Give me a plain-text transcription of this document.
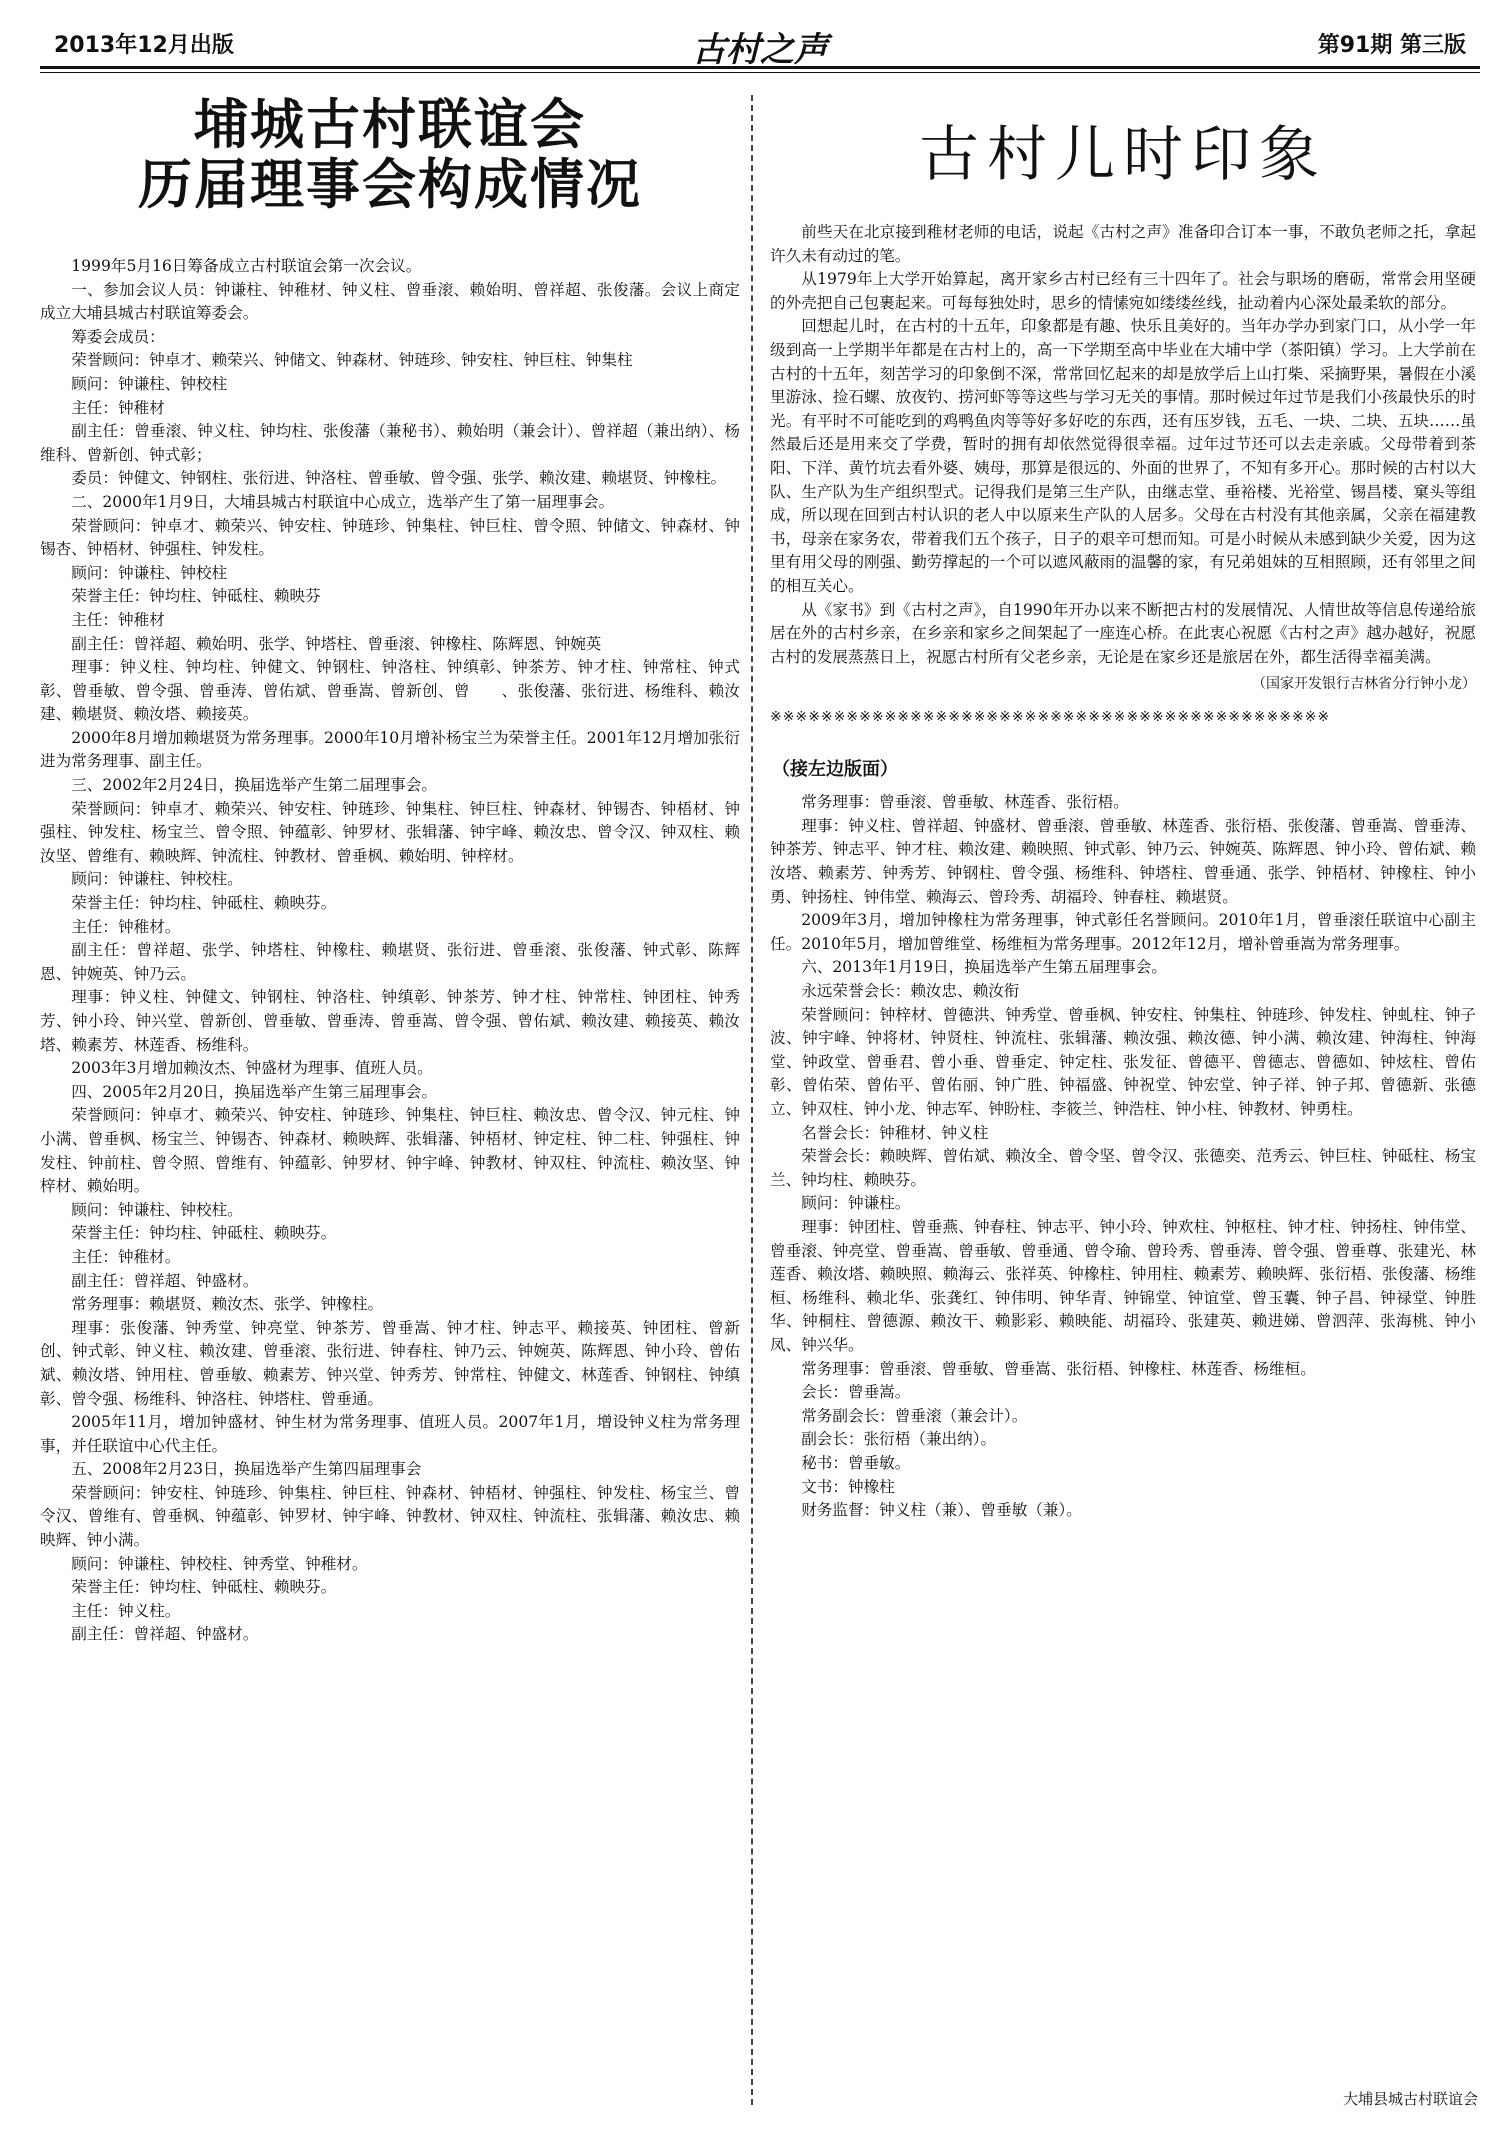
2013年12月出版	古村之声	第91期 第三版
埔城古村联谊会
历届理事会构成情况

1999年5月16日筹备成立古村联谊会第一次会议。

一、参加会议人员：钟谦柱、钟稚材、钟义柱、曾垂滚、赖始明、曾祥超、张俊藩。会议上商定成立大埔县城古村联谊筹委会。

筹委会成员：

荣誉顾问：钟卓才、赖荣兴、钟储文、钟森材、钟琏珍、钟安柱、钟巨柱、钟集柱

顾问：钟谦柱、钟校柱

主任：钟稚材

副主任：曾垂滚、钟义柱、钟均柱、张俊藩（兼秘书）、赖始明（兼会计）、曾祥超（兼出纳）、杨维科、曾新创、钟式彰；

委员：钟健文、钟钢柱、张衍进、钟洛柱、曾垂敏、曾令强、张学、赖汝建、赖堪贤、钟橡柱。

二、2000年1月9日，大埔县城古村联谊中心成立，选举产生了第一届理事会。

荣誉顾问：钟卓才、赖荣兴、钟安柱、钟琏珍、钟集柱、钟巨柱、曾令照、钟储文、钟森材、钟锡杏、钟梧材、钟强柱、钟发柱。

顾问：钟谦柱、钟校柱

荣誉主任：钟均柱、钟砥柱、赖映芬

主任：钟稚材

副主任：曾祥超、赖始明、张学、钟塔柱、曾垂滚、钟橡柱、陈辉恩、钟婉英

理事：钟义柱、钟均柱、钟健文、钟钢柱、钟洛柱、钟缜彰、钟茶芳、钟才柱、钟常柱、钟式彰、曾垂敏、曾令强、曾垂涛、曾佑斌、曾垂嵩、曾新创、曾　　、张俊藩、张衍进、杨维科、赖汝建、赖堪贤、赖汝塔、赖接英。

2000年8月增加赖堪贤为常务理事。2000年10月增补杨宝兰为荣誉主任。2001年12月增加张衍进为常务理事、副主任。

三、2002年2月24日，换届选举产生第二届理事会。

荣誉顾问：钟卓才、赖荣兴、钟安柱、钟琏珍、钟集柱、钟巨柱、钟森材、钟锡杏、钟梧材、钟强柱、钟发柱、杨宝兰、曾令照、钟蕴彰、钟罗材、张辑藩、钟宇峰、赖汝忠、曾令汉、钟双柱、赖汝坚、曾维有、赖映辉、钟流柱、钟教材、曾垂枫、赖始明、钟梓材。

顾问：钟谦柱、钟校柱。

荣誉主任：钟均柱、钟砥柱、赖映芬。

主任：钟稚材。

副主任：曾祥超、张学、钟塔柱、钟橡柱、赖堪贤、张衍进、曾垂滚、张俊藩、钟式彰、陈辉恩、钟婉英、钟乃云。

理事：钟义柱、钟健文、钟钢柱、钟洛柱、钟缜彰、钟茶芳、钟才柱、钟常柱、钟团柱、钟秀芳、钟小玲、钟兴堂、曾新创、曾垂敏、曾垂涛、曾垂嵩、曾令强、曾佑斌、赖汝建、赖接英、赖汝塔、赖素芳、林莲香、杨维科。

2003年3月增加赖汝杰、钟盛材为理事、值班人员。

四、2005年2月20日，换届选举产生第三届理事会。

荣誉顾问：钟卓才、赖荣兴、钟安柱、钟琏珍、钟集柱、钟巨柱、赖汝忠、曾令汉、钟元柱、钟小满、曾垂枫、杨宝兰、钟锡杏、钟森材、赖映辉、张辑藩、钟梧材、钟定柱、钟二柱、钟强柱、钟发柱、钟前柱、曾令照、曾维有、钟蕴彰、钟罗材、钟宇峰、钟教材、钟双柱、钟流柱、赖汝坚、钟梓材、赖始明。

顾问：钟谦柱、钟校柱。

荣誉主任：钟均柱、钟砥柱、赖映芬。

主任：钟稚材。

副主任：曾祥超、钟盛材。

常务理事：赖堪贤、赖汝杰、张学、钟橡柱。

理事：张俊藩、钟秀堂、钟亮堂、钟茶芳、曾垂嵩、钟才柱、钟志平、赖接英、钟团柱、曾新创、钟式彰、钟义柱、赖汝建、曾垂滚、张衍进、钟春柱、钟乃云、钟婉英、陈辉恩、钟小玲、曾佑斌、赖汝塔、钟用柱、曾垂敏、赖素芳、钟兴堂、钟秀芳、钟常柱、钟健文、林莲香、钟钢柱、钟缜彰、曾令强、杨维科、钟洛柱、钟塔柱、曾垂通。

2005年11月，增加钟盛材、钟生材为常务理事、值班人员。2007年1月，增设钟义柱为常务理事，并任联谊中心代主任。

五、2008年2月23日，换届选举产生第四届理事会

荣誉顾问：钟安柱、钟琏珍、钟集柱、钟巨柱、钟森材、钟梧材、钟强柱、钟发柱、杨宝兰、曾令汉、曾维有、曾垂枫、钟蕴彰、钟罗材、钟宇峰、钟教材、钟双柱、钟流柱、张辑藩、赖汝忠、赖映辉、钟小满。

顾问：钟谦柱、钟校柱、钟秀堂、钟稚材。

荣誉主任：钟均柱、钟砥柱、赖映芬。

主任：钟义柱。

副主任：曾祥超、钟盛材。

古村儿时印象

前些天在北京接到稚材老师的电话，说起《古村之声》准备印合订本一事，不敢负老师之托，拿起许久未有动过的笔。

从1979年上大学开始算起，离开家乡古村已经有三十四年了。社会与职场的磨砺，常常会用坚硬的外壳把自己包裹起来。可每每独处时，思乡的情愫宛如缕缕丝线，扯动着内心深处最柔软的部分。

回想起儿时，在古村的十五年，印象都是有趣、快乐且美好的。当年办学办到家门口，从小学一年级到高一上学期半年都是在古村上的，高一下学期至高中毕业在大埔中学（茶阳镇）学习。上大学前在古村的十五年，刻苦学习的印象倒不深，常常回忆起来的却是放学后上山打柴、采摘野果，暑假在小溪里游泳、捡石螺、放夜钓、捞河虾等等这些与学习无关的事情。那时候过年过节是我们小孩最快乐的时光。有平时不可能吃到的鸡鸭鱼肉等等好多好吃的东西，还有压岁钱，五毛、一块、二块、五块……虽然最后还是用来交了学费，暂时的拥有却依然觉得很幸福。过年过节还可以去走亲戚。父母带着到茶阳、下洋、黄竹坑去看外婆、姨母，那算是很远的、外面的世界了，不知有多开心。那时候的古村以大队、生产队为生产组织型式。记得我们是第三生产队，由继志堂、垂裕楼、光裕堂、锡昌楼、窠头等组成，所以现在回到古村认识的老人中以原来生产队的人居多。父母在古村没有其他亲属，父亲在福建教书，母亲在家务农，带着我们五个孩子，日子的艰辛可想而知。可是小时候从未感到缺少关爱，因为这里有用父母的刚强、勤劳撑起的一个可以遮风蔽雨的温馨的家，有兄弟姐妹的互相照顾，还有邻里之间的相互关心。

从《家书》到《古村之声》，自1990年开办以来不断把古村的发展情况、人情世故等信息传递给旅居在外的古村乡亲，在乡亲和家乡之间架起了一座连心桥。在此衷心祝愿《古村之声》越办越好，祝愿古村的发展蒸蒸日上，祝愿古村所有父老乡亲，无论是在家乡还是旅居在外，都生活得幸福美满。

（国家开发银行吉林省分行钟小龙）
※※※※※※※※※※※※※※※※※※※※※※※※※※※※※※※※※※※※※※※※※※※※
（接左边版面）

常务理事：曾垂滚、曾垂敏、林莲香、张衍梧。

理事：钟义柱、曾祥超、钟盛材、曾垂滚、曾垂敏、林莲香、张衍梧、张俊藩、曾垂嵩、曾垂涛、钟茶芳、钟志平、钟才柱、赖汝建、赖映照、钟式彰、钟乃云、钟婉英、陈辉恩、钟小玲、曾佑斌、赖汝塔、赖素芳、钟秀芳、钟钢柱、曾令强、杨维科、钟塔柱、曾垂通、张学、钟梧材、钟橡柱、钟小勇、钟扬柱、钟伟堂、赖海云、曾玲秀、胡福玲、钟春柱、赖堪贤。

2009年3月，增加钟橡柱为常务理事，钟式彰任名誉顾问。2010年1月，曾垂滚任联谊中心副主任。2010年5月，增加曾维堂、杨维桓为常务理事。2012年12月，增补曾垂嵩为常务理事。

六、2013年1月19日，换届选举产生第五届理事会。

永远荣誉会长：赖汝忠、赖汝衔

荣誉顾问：钟梓材、曾德洪、钟秀堂、曾垂枫、钟安柱、钟集柱、钟琏珍、钟发柱、钟虬柱、钟子波、钟宇峰、钟将材、钟贤柱、钟流柱、张辑藩、赖汝强、赖汝德、钟小满、赖汝建、钟海柱、钟海堂、钟政堂、曾垂君、曾小垂、曾垂定、钟定柱、张发征、曾德平、曾德志、曾德如、钟炫柱、曾佑彰、曾佑荣、曾佑平、曾佑丽、钟广胜、钟福盛、钟祝堂、钟宏堂、钟子祥、钟子邦、曾德新、张德立、钟双柱、钟小龙、钟志军、钟盼柱、李筱兰、钟浩柱、钟小柱、钟教材、钟勇柱。

名誉会长：钟稚材、钟义柱

荣誉会长：赖映辉、曾佑斌、赖汝全、曾令坚、曾令汉、张德奕、范秀云、钟巨柱、钟砥柱、杨宝兰、钟均柱、赖映芬。

顾问：钟谦柱。

理事：钟团柱、曾垂燕、钟春柱、钟志平、钟小玲、钟欢柱、钟枢柱、钟才柱、钟扬柱、钟伟堂、曾垂滚、钟亮堂、曾垂嵩、曾垂敏、曾垂通、曾令瑜、曾玲秀、曾垂涛、曾令强、曾垂尊、张建光、林莲香、赖汝塔、赖映照、赖海云、张祥英、钟橡柱、钟用柱、赖素芳、赖映辉、张衍梧、张俊藩、杨维桓、杨维科、赖北华、张龚红、钟伟明、钟华青、钟锦堂、钟谊堂、曾玉囊、钟子昌、钟禄堂、钟胜华、钟桐柱、曾德源、赖汝干、赖影彩、赖映能、胡福玲、张建英、赖进娣、曾泗萍、张海桃、钟小凤、钟兴华。

常务理事：曾垂滚、曾垂敏、曾垂嵩、张衍梧、钟橡柱、林莲香、杨维桓。

会长：曾垂嵩。

常务副会长：曾垂滚（兼会计）。

副会长：张衍梧（兼出纳）。

秘书：曾垂敏。

文书：钟橡柱

财务监督：钟义柱（兼）、曾垂敏（兼）。

大埔县城古村联谊会
